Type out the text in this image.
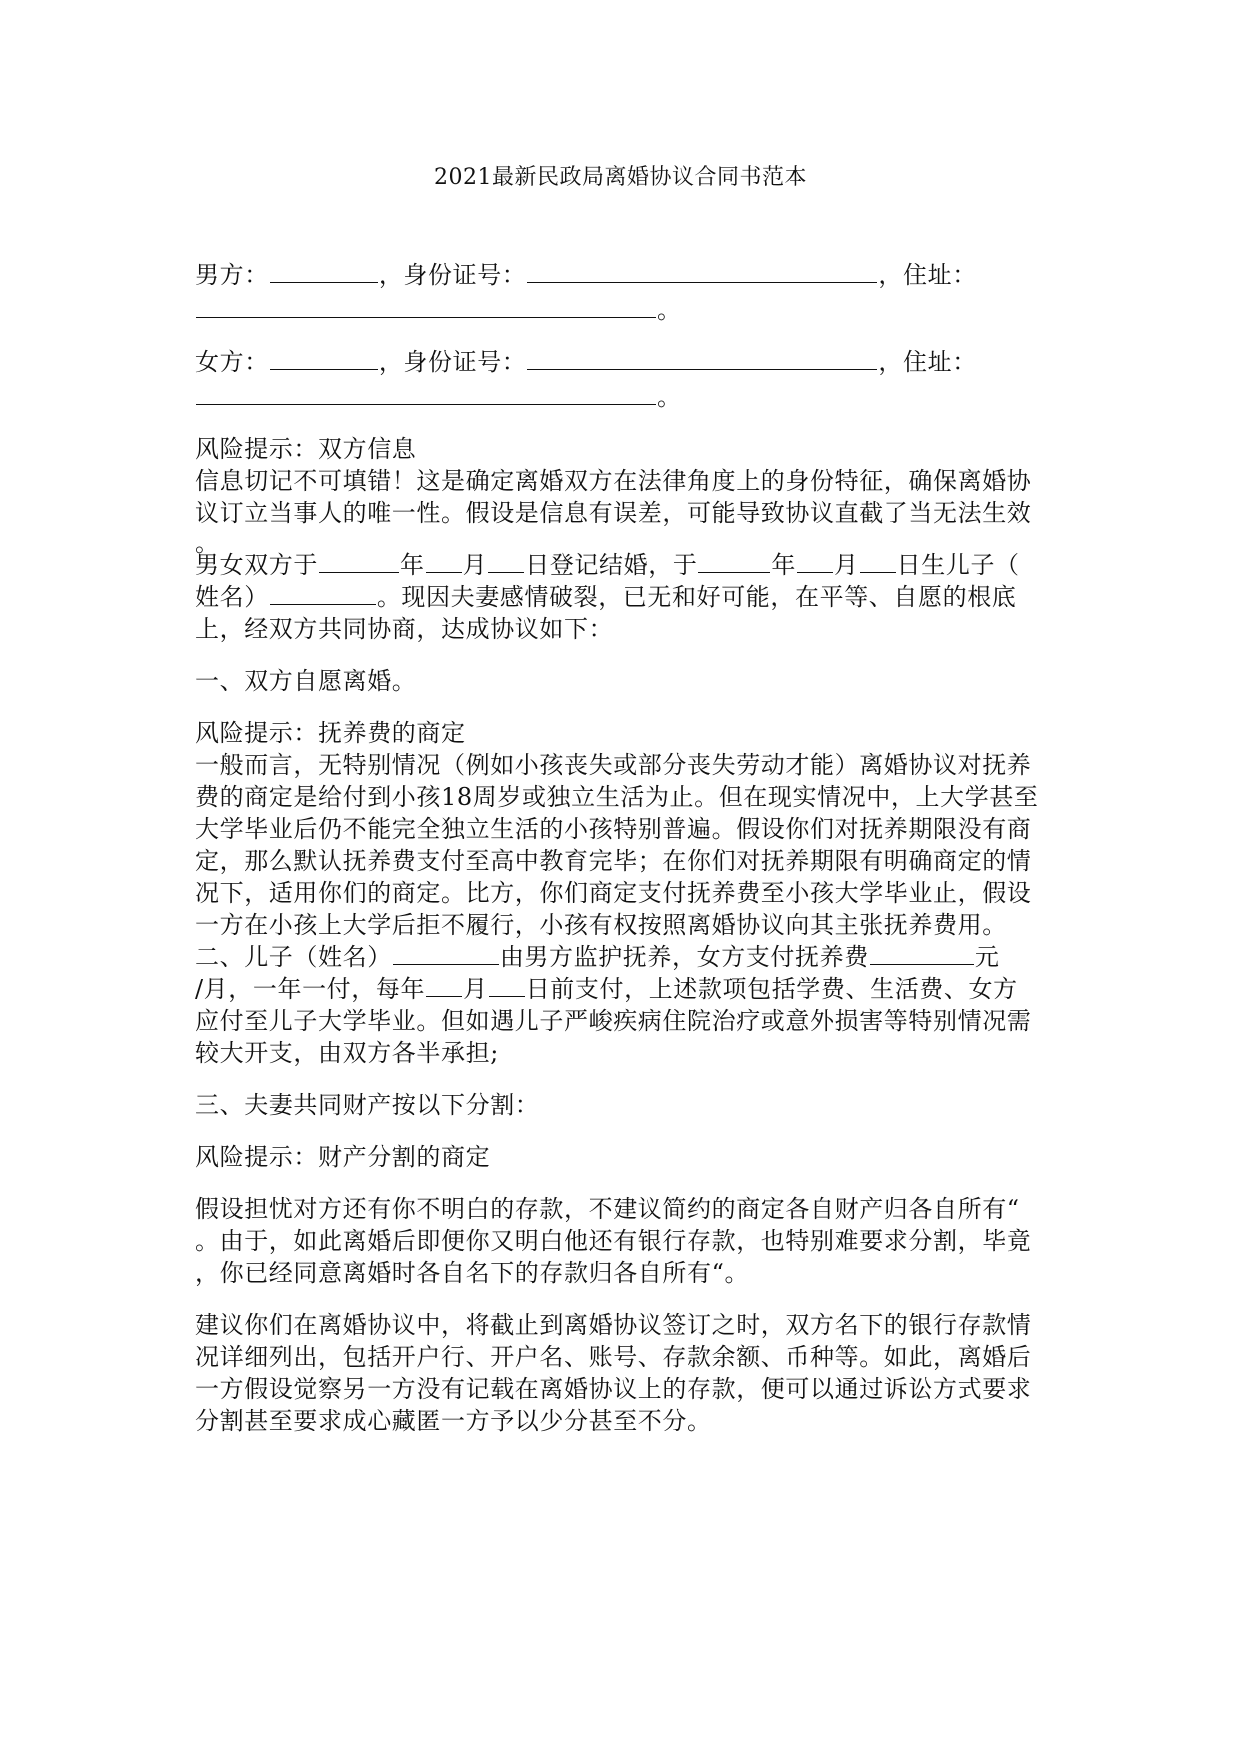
2021最新民政局离婚协议合同书范本
男方：	，身份证号：	，住址：
。
女方：	，身份证号：	，住址：
。
风险提示：双方信息
信息切记不可填错！这是确定离婚双方在法律角度上的身份特征，确保离婚协
议订立当事人的唯一性。假设是信息有误差，可能导致协议直截了当无法生效
。
男女双方于	年 月 日登记结婚，于	年 月 日生儿子（
姓名）	。现因夫妻感情破裂，已无和好可能，在平等、自愿的根底
上，经双方共同协商，达成协议如下：
一、双方自愿离婚。
风险提示：抚养费的商定
一般而言，无特别情况（例如小孩丧失或部分丧失劳动才能）离婚协议对抚养
费的商定是给付到小孩18周岁或独立生活为止。但在现实情况中，上大学甚至
大学毕业后仍不能完全独立生活的小孩特别普遍。假设你们对抚养期限没有商
定，那么默认抚养费支付至高中教育完毕；在你们对抚养期限有明确商定的情
况下，适用你们的商定。比方，你们商定支付抚养费至小孩大学毕业止，假设
一方在小孩上大学后拒不履行，小孩有权按照离婚协议向其主张抚养费用。
二、儿子（姓名）	由男方监护抚养，女方支付抚养费	元
/月，一年一付，每年 月 日前支付，上述款项包括学费、生活费、女方
应付至儿子大学毕业。但如遇儿子严峻疾病住院治疗或意外损害等特别情况需
较大开支，由双方各半承担;
三、夫妻共同财产按以下分割：
风险提示：财产分割的商定
假设担忧对方还有你不明白的存款，不建议简约的商定各自财产归各自所有“
。由于，如此离婚后即便你又明白他还有银行存款，也特别难要求分割，毕竟
，你已经同意离婚时各自名下的存款归各自所有“。
建议你们在离婚协议中，将截止到离婚协议签订之时，双方名下的银行存款情
况详细列出，包括开户行、开户名、账号、存款余额、币种等。如此，离婚后
一方假设觉察另一方没有记载在离婚协议上的存款，便可以通过诉讼方式要求
分割甚至要求成心藏匿一方予以少分甚至不分。
